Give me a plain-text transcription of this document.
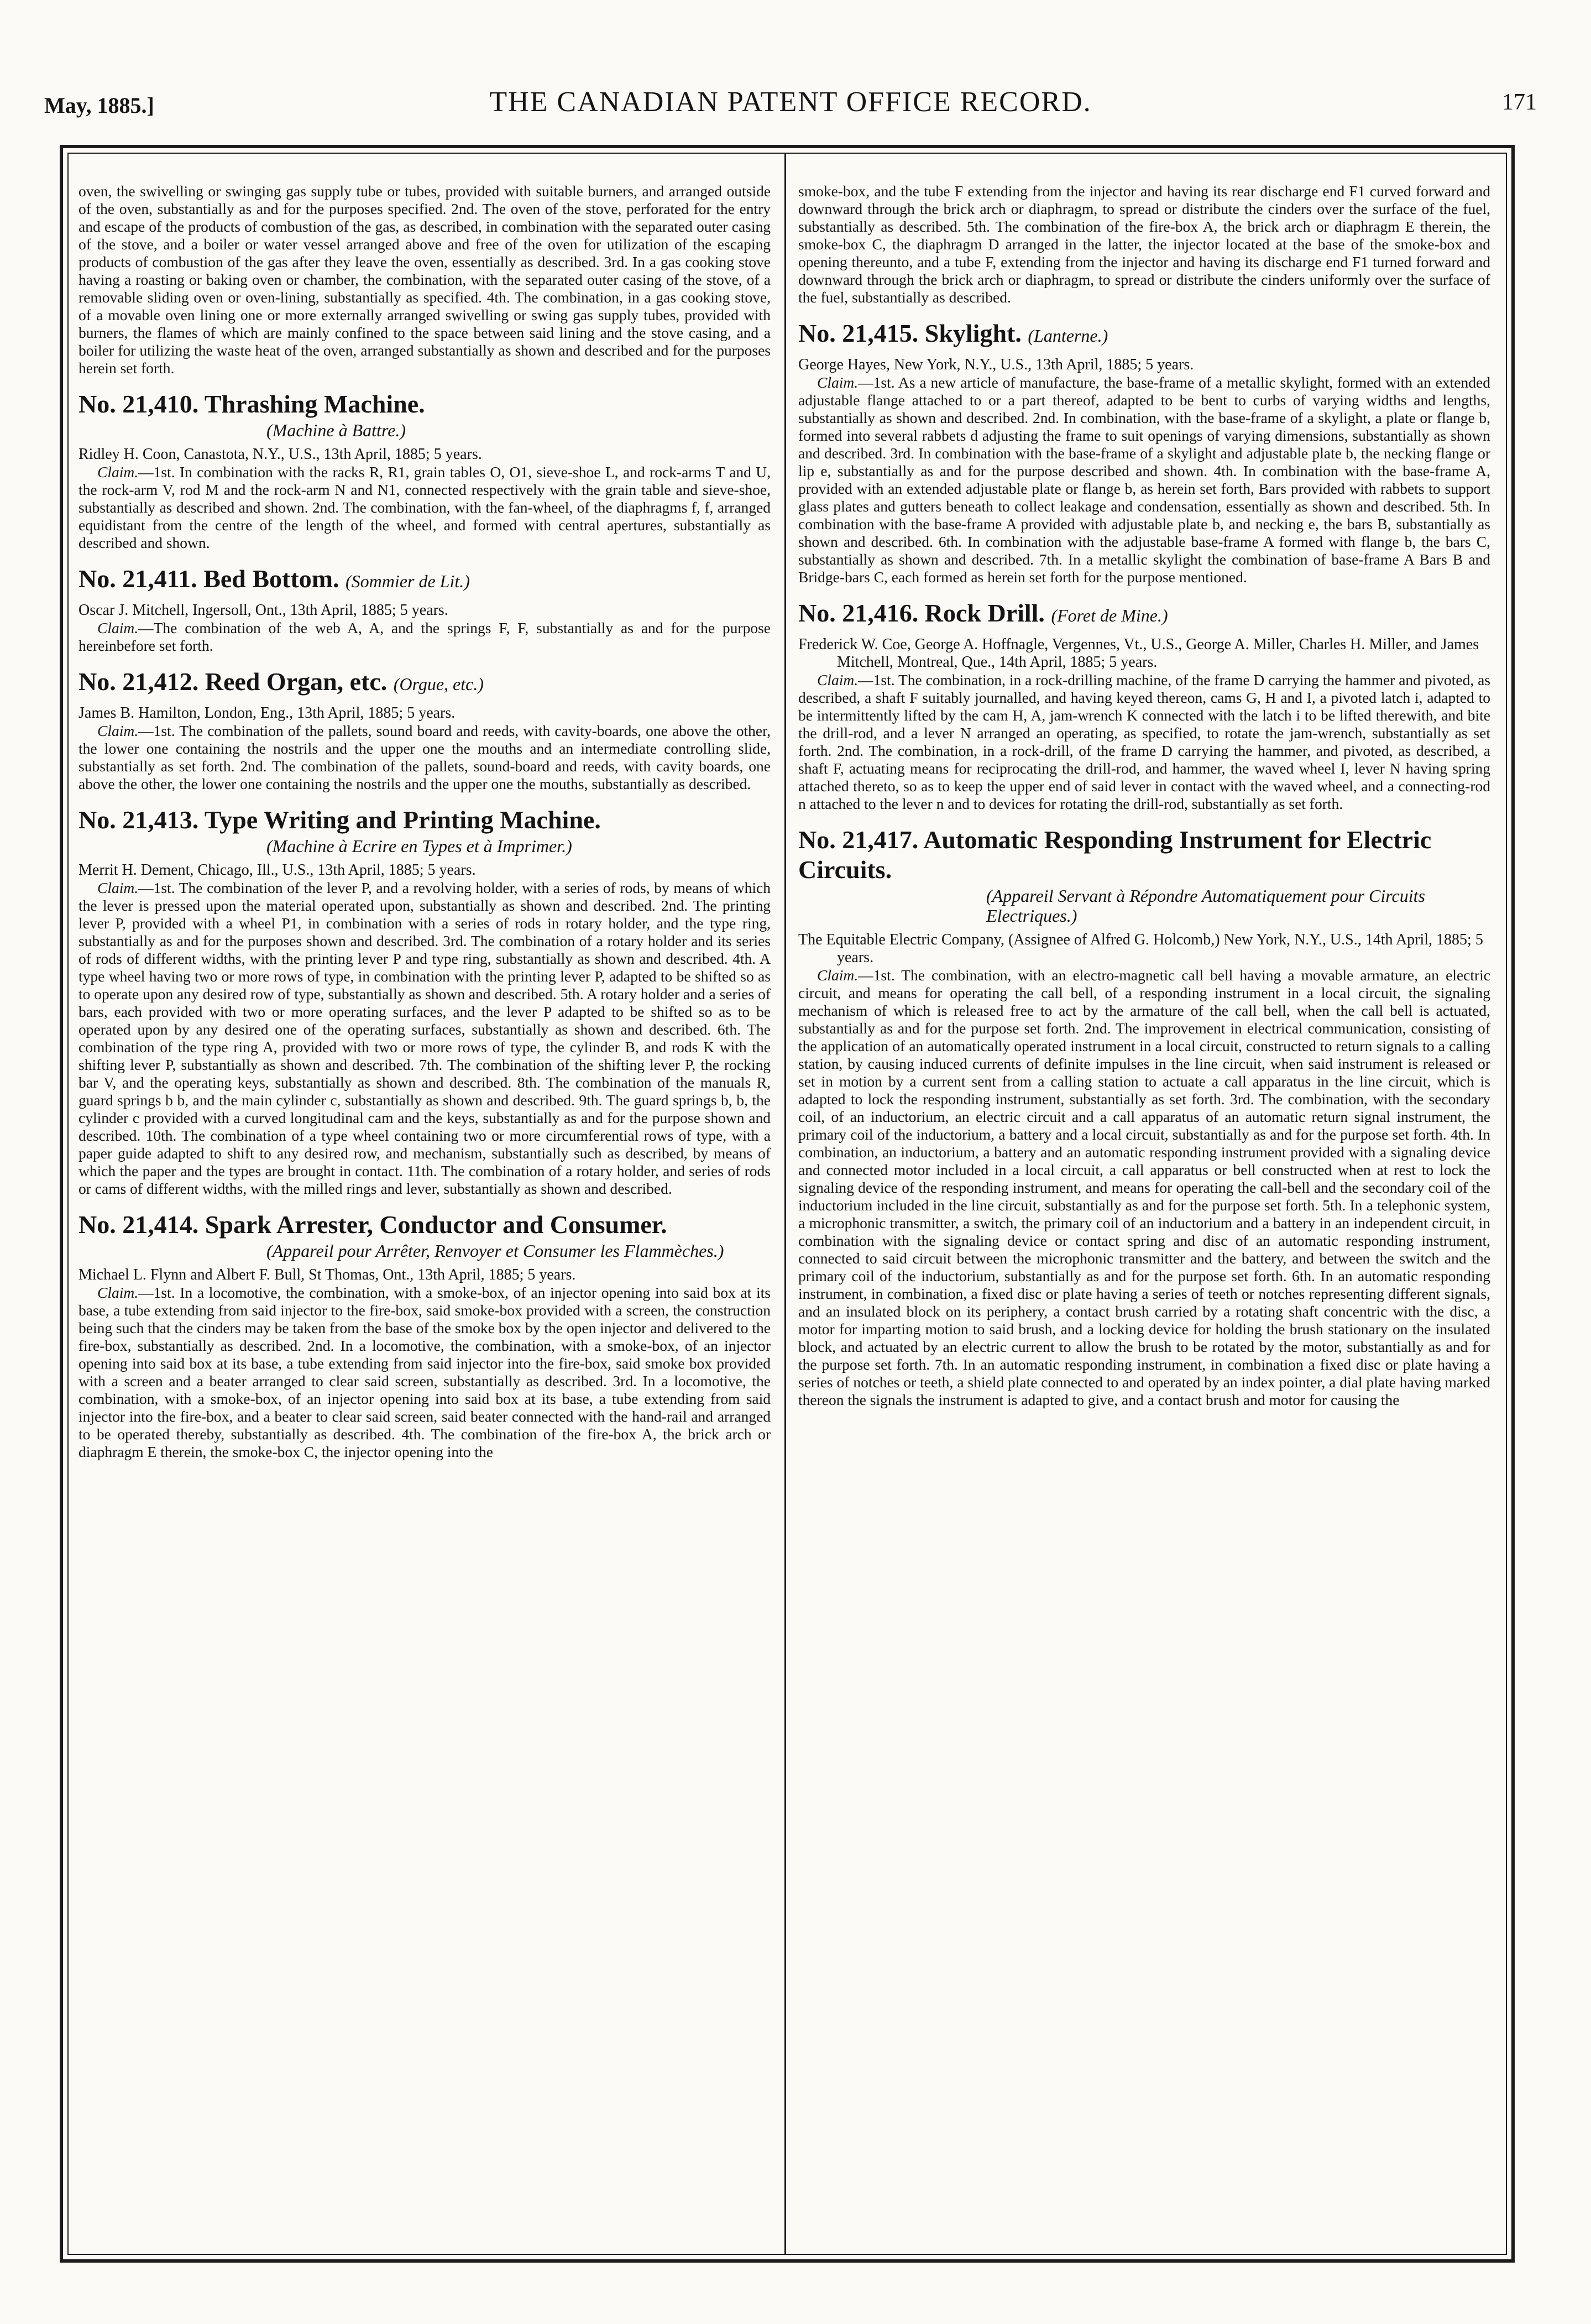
May, 1885.]	THE CANADIAN PATENT OFFICE RECORD.	171

oven, the swivelling or swinging gas supply tube or tubes, provided with suitable burners, and arranged outside of the oven, substantially as and for the purposes specified. 2nd. The oven of the stove, perforated for the entry and escape of the products of combustion of the gas, as described, in combination with the separated outer casing of the stove, and a boiler or water vessel arranged above and free of the oven for utilization of the escaping products of combustion of the gas after they leave the oven, essentially as described. 3rd. In a gas cooking stove having a roasting or baking oven or chamber, the combination, with the separated outer casing of the stove, of a removable sliding oven or oven-lining, substantially as specified. 4th. The combination, in a gas cooking stove, of a movable oven lining one or more externally arranged swivelling or swing gas supply tubes, provided with burners, the flames of which are mainly confined to the space between said lining and the stove casing, and a boiler for utilizing the waste heat of the oven, arranged substantially as shown and described and for the purposes herein set forth.

No. 21,410. Thrashing Machine.
(Machine à Battre.)

Ridley H. Coon, Canastota, N.Y., U.S., 13th April, 1885; 5 years.

Claim.—1st. In combination with the racks R, R1, grain tables O, O1, sieve-shoe L, and rock-arms T and U, the rock-arm V, rod M and the rock-arm N and N1, connected respectively with the grain table and sieve-shoe, substantially as described and shown. 2nd. The combination, with the fan-wheel, of the diaphragms f, f, arranged equidistant from the centre of the length of the wheel, and formed with central apertures, substantially as described and shown.

No. 21,411. Bed Bottom. (Sommier de Lit.)

Oscar J. Mitchell, Ingersoll, Ont., 13th April, 1885; 5 years.

Claim.—The combination of the web A, A, and the springs F, F, substantially as and for the purpose hereinbefore set forth.

No. 21,412. Reed Organ, etc. (Orgue, etc.)

James B. Hamilton, London, Eng., 13th April, 1885; 5 years.

Claim.—1st. The combination of the pallets, sound board and reeds, with cavity-boards, one above the other, the lower one containing the nostrils and the upper one the mouths and an intermediate controlling slide, substantially as set forth. 2nd. The combination of the pallets, sound-board and reeds, with cavity boards, one above the other, the lower one containing the nostrils and the upper one the mouths, substantially as described.

No. 21,413. Type Writing and Printing Machine.
(Machine à Ecrire en Types et à Imprimer.)

Merrit H. Dement, Chicago, Ill., U.S., 13th April, 1885; 5 years.

Claim.—1st. The combination of the lever P, and a revolving holder, with a series of rods, by means of which the lever is pressed upon the material operated upon, substantially as shown and described. 2nd. The printing lever P, provided with a wheel P1, in combination with a series of rods in rotary holder, and the type ring, substantially as and for the purposes shown and described. 3rd. The combination of a rotary holder and its series of rods of different widths, with the printing lever P and type ring, substantially as shown and described. 4th. A type wheel having two or more rows of type, in combination with the printing lever P, adapted to be shifted so as to operate upon any desired row of type, substantially as shown and described. 5th. A rotary holder and a series of bars, each provided with two or more operating surfaces, and the lever P adapted to be shifted so as to be operated upon by any desired one of the operating surfaces, substantially as shown and described. 6th. The combination of the type ring A, provided with two or more rows of type, the cylinder B, and rods K with the shifting lever P, substantially as shown and described. 7th. The combination of the shifting lever P, the rocking bar V, and the operating keys, substantially as shown and described. 8th. The combination of the manuals R, guard springs b b, and the main cylinder c, substantially as shown and described. 9th. The guard springs b, b, the cylinder c provided with a curved longitudinal cam and the keys, substantially as and for the purpose shown and described. 10th. The combination of a type wheel containing two or more circumferential rows of type, with a paper guide adapted to shift to any desired row, and mechanism, substantially such as described, by means of which the paper and the types are brought in contact. 11th. The combination of a rotary holder, and series of rods or cams of different widths, with the milled rings and lever, substantially as shown and described.

No. 21,414. Spark Arrester, Conductor and Consumer.
(Appareil pour Arrêter, Renvoyer et Consumer les Flammèches.)

Michael L. Flynn and Albert F. Bull, St Thomas, Ont., 13th April, 1885; 5 years.

Claim.—1st. In a locomotive, the combination, with a smoke-box, of an injector opening into said box at its base, a tube extending from said injector to the fire-box, said smoke-box provided with a screen, the construction being such that the cinders may be taken from the base of the smoke box by the open injector and delivered to the fire-box, substantially as described. 2nd. In a locomotive, the combination, with a smoke-box, of an injector opening into said box at its base, a tube extending from said injector into the fire-box, said smoke box provided with a screen and a beater arranged to clear said screen, substantially as described. 3rd. In a locomotive, the combination, with a smoke-box, of an injector opening into said box at its base, a tube extending from said injector into the fire-box, and a beater to clear said screen, said beater connected with the hand-rail and arranged to be operated thereby, substantially as described. 4th. The combination of the fire-box A, the brick arch or diaphragm E therein, the smoke-box C, the injector opening into the

smoke-box, and the tube F extending from the injector and having its rear discharge end F1 curved forward and downward through the brick arch or diaphragm, to spread or distribute the cinders over the surface of the fuel, substantially as described. 5th. The combination of the fire-box A, the brick arch or diaphragm E therein, the smoke-box C, the diaphragm D arranged in the latter, the injector located at the base of the smoke-box and opening thereunto, and a tube F, extending from the injector and having its discharge end F1 turned forward and downward through the brick arch or diaphragm, to spread or distribute the cinders uniformly over the surface of the fuel, substantially as described.

No. 21,415. Skylight. (Lanterne.)

George Hayes, New York, N.Y., U.S., 13th April, 1885; 5 years.

Claim.—1st. As a new article of manufacture, the base-frame of a metallic skylight, formed with an extended adjustable flange attached to or a part thereof, adapted to be bent to curbs of varying widths and lengths, substantially as shown and described. 2nd. In combination, with the base-frame of a skylight, a plate or flange b, formed into several rabbets d adjusting the frame to suit openings of varying dimensions, substantially as shown and described. 3rd. In combination with the base-frame of a skylight and adjustable plate b, the necking flange or lip e, substantially as and for the purpose described and shown. 4th. In combination with the base-frame A, provided with an extended adjustable plate or flange b, as herein set forth, Bars provided with rabbets to support glass plates and gutters beneath to collect leakage and condensation, essentially as shown and described. 5th. In combination with the base-frame A provided with adjustable plate b, and necking e, the bars B, substantially as shown and described. 6th. In combination with the adjustable base-frame A formed with flange b, the bars C, substantially as shown and described. 7th. In a metallic skylight the combination of base-frame A Bars B and Bridge-bars C, each formed as herein set forth for the purpose mentioned.

No. 21,416. Rock Drill. (Foret de Mine.)

Frederick W. Coe, George A. Hoffnagle, Vergennes, Vt., U.S., George A. Miller, Charles H. Miller, and James Mitchell, Montreal, Que., 14th April, 1885; 5 years.

Claim.—1st. The combination, in a rock-drilling machine, of the frame D carrying the hammer and pivoted, as described, a shaft F suitably journalled, and having keyed thereon, cams G, H and I, a pivoted latch i, adapted to be intermittently lifted by the cam H, A, jam-wrench K connected with the latch i to be lifted therewith, and bite the drill-rod, and a lever N arranged an operating, as specified, to rotate the jam-wrench, substantially as set forth. 2nd. The combination, in a rock-drill, of the frame D carrying the hammer, and pivoted, as described, a shaft F, actuating means for reciprocating the drill-rod, and hammer, the waved wheel I, lever N having spring attached thereto, so as to keep the upper end of said lever in contact with the waved wheel, and a connecting-rod n attached to the lever n and to devices for rotating the drill-rod, substantially as set forth.

No. 21,417. Automatic Responding Instrument for Electric Circuits.
(Appareil Servant à Répondre Automatiquement pour Circuits Electriques.)

The Equitable Electric Company, (Assignee of Alfred G. Holcomb,) New York, N.Y., U.S., 14th April, 1885; 5 years.

Claim.—1st. The combination, with an electro-magnetic call bell having a movable armature, an electric circuit, and means for operating the call bell, of a responding instrument in a local circuit, the signaling mechanism of which is released free to act by the armature of the call bell, when the call bell is actuated, substantially as and for the purpose set forth. 2nd. The improvement in electrical communication, consisting of the application of an automatically operated instrument in a local circuit, constructed to return signals to a calling station, by causing induced currents of definite impulses in the line circuit, when said instrument is released or set in motion by a current sent from a calling station to actuate a call apparatus in the line circuit, which is adapted to lock the responding instrument, substantially as set forth. 3rd. The combination, with the secondary coil, of an inductorium, an electric circuit and a call apparatus of an automatic return signal instrument, the primary coil of the inductorium, a battery and a local circuit, substantially as and for the purpose set forth. 4th. In combination, an inductorium, a battery and an automatic responding instrument provided with a signaling device and connected motor included in a local circuit, a call apparatus or bell constructed when at rest to lock the signaling device of the responding instrument, and means for operating the call-bell and the secondary coil of the inductorium included in the line circuit, substantially as and for the purpose set forth. 5th. In a telephonic system, a microphonic transmitter, a switch, the primary coil of an inductorium and a battery in an independent circuit, in combination with the signaling device or contact spring and disc of an automatic responding instrument, connected to said circuit between the microphonic transmitter and the battery, and between the switch and the primary coil of the inductorium, substantially as and for the purpose set forth. 6th. In an automatic responding instrument, in combination, a fixed disc or plate having a series of teeth or notches representing different signals, and an insulated block on its periphery, a contact brush carried by a rotating shaft concentric with the disc, a motor for imparting motion to said brush, and a locking device for holding the brush stationary on the insulated block, and actuated by an electric current to allow the brush to be rotated by the motor, substantially as and for the purpose set forth. 7th. In an automatic responding instrument, in combination a fixed disc or plate having a series of notches or teeth, a shield plate connected to and operated by an index pointer, a dial plate having marked thereon the signals the instrument is adapted to give, and a contact brush and motor for causing the
